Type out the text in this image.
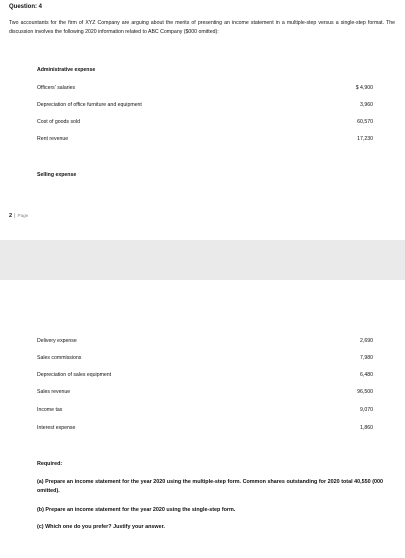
Question: 4
Two accountants for the firm of XYZ Company are arguing about the merits of presenting an income statement in a multiple-step versus a single-step format. The discussion involves the following 2020 information related to ABC Company ($000 omitted):
Administrative expense
Officers' salaries	$ 4,900
Depreciation of office furniture and equipment	3,960
Cost of goods sold	60,570
Rent revenue	17,230
Selling expense
2 | Page
Delivery expense	2,690
Sales commissions	7,980
Depreciation of sales equipment	6,480
Sales revenue	96,500
Income tax	9,070
Interest expense	1,860
Required:
(a) Prepare an income statement for the year 2020 using the multiple-step form. Common shares outstanding for 2020 total 40,550 (000 omitted).
(b) Prepare an income statement for the year 2020 using the single-step form.
(c) Which one do you prefer? Justify your answer.
